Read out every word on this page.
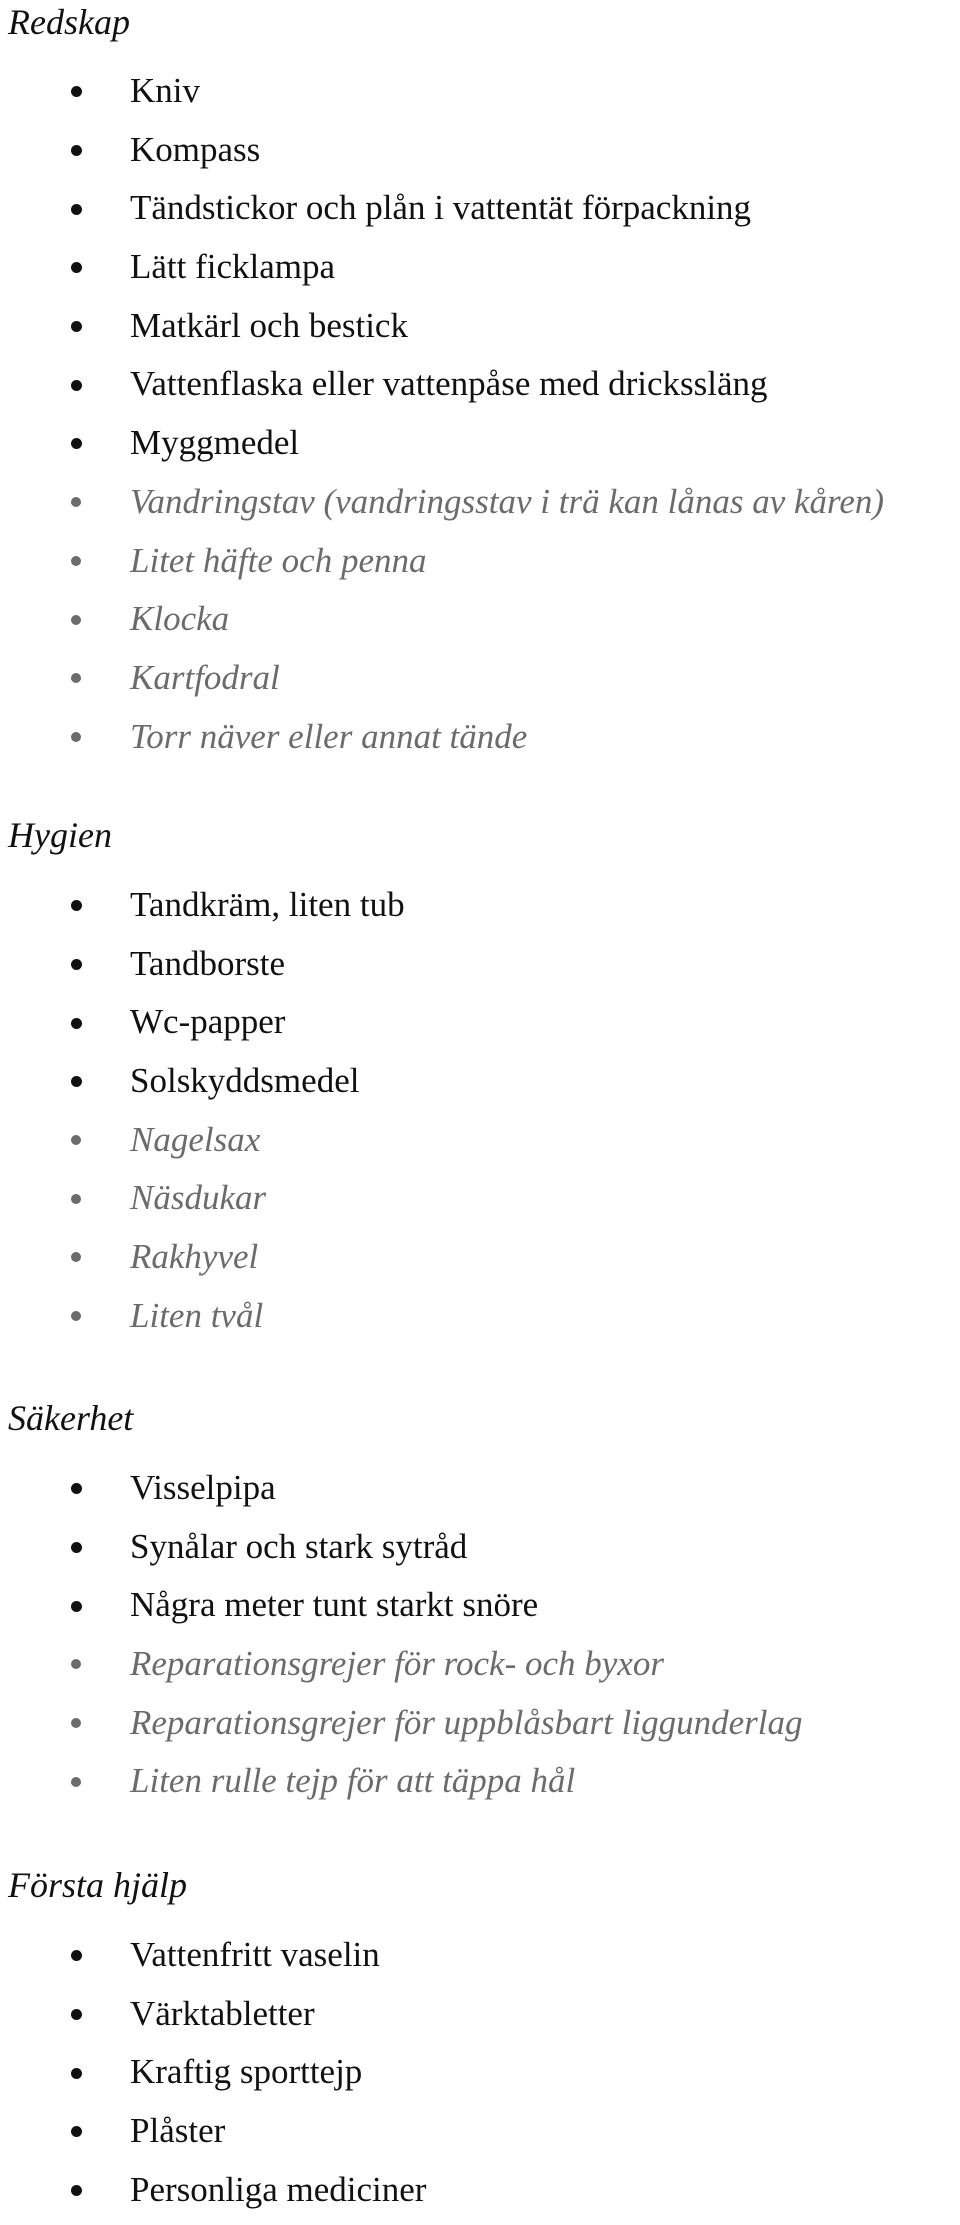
Redskap
Kniv
Kompass
Tändstickor och plån i vattentät förpackning
Lätt ficklampa
Matkärl och bestick
Vattenflaska eller vattenpåse med drickssläng
Myggmedel
Vandringstav (vandringsstav i trä kan lånas av kåren)
Litet häfte och penna
Klocka
Kartfodral
Torr näver eller annat tände
Hygien
Tandkräm, liten tub
Tandborste
Wc-papper
Solskyddsmedel
Nagelsax
Näsdukar
Rakhyvel
Liten tvål
Säkerhet
Visselpipa
Synålar och stark sytråd
Några meter tunt starkt snöre
Reparationsgrejer för rock- och byxor
Reparationsgrejer för uppblåsbart liggunderlag
Liten rulle tejp för att täppa hål
Första hjälp
Vattenfritt vaselin
Värktabletter
Kraftig sporttejp
Plåster
Personliga mediciner
